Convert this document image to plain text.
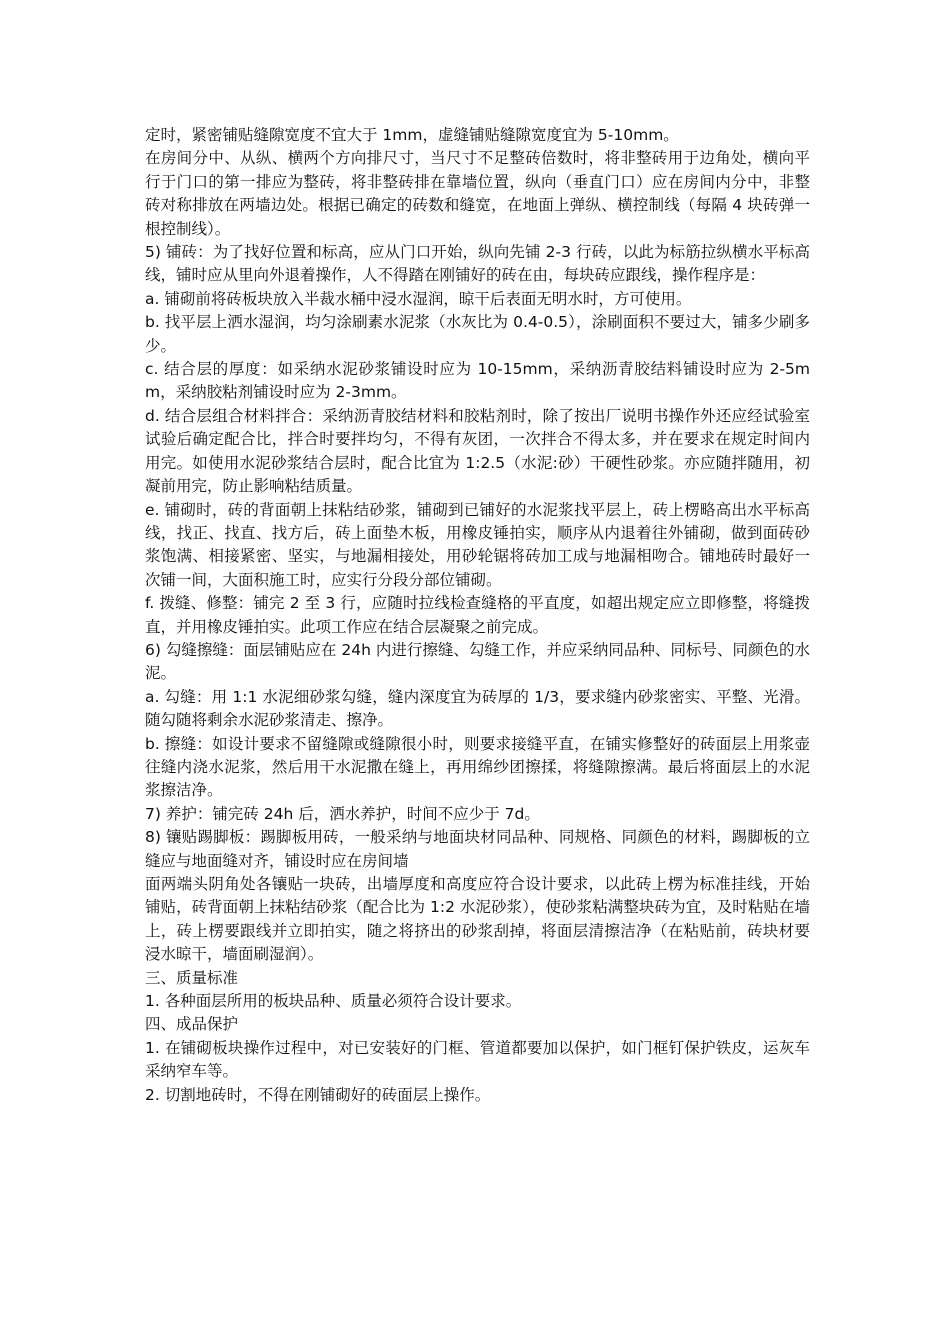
定时，紧密铺贴缝隙宽度不宜大于 1mm，虚缝铺贴缝隙宽度宜为 5-10mm。

在房间分中、从纵、横两个方向排尺寸，当尺寸不足整砖倍数时，将非整砖用于边角处，横向平行于门口的第一排应为整砖，将非整砖排在靠墙位置，纵向（垂直门口）应在房间内分中，非整砖对称排放在两墙边处。根据已确定的砖数和缝宽，在地面上弹纵、横控制线（每隔 4 块砖弹一根控制线）。

5) 铺砖：为了找好位置和标高，应从门口开始，纵向先铺 2-3 行砖，以此为标筋拉纵横水平标高线，铺时应从里向外退着操作，人不得踏在刚铺好的砖在由，每块砖应跟线，操作程序是：

a. 铺砌前将砖板块放入半裁水桶中浸水湿润，晾干后表面无明水时，方可使用。

b. 找平层上洒水湿润，均匀涂刷素水泥浆（水灰比为 0.4-0.5），涂刷面积不要过大，铺多少刷多少。

c. 结合层的厚度：如采纳水泥砂浆铺设时应为 10-15mm，采纳沥青胶结料铺设时应为 2-5mm，采纳胶粘剂铺设时应为 2-3mm。

d. 结合层组合材料拌合：采纳沥青胶结材料和胶粘剂时，除了按出厂说明书操作外还应经试验室试验后确定配合比，拌合时要拌均匀，不得有灰团，一次拌合不得太多，并在要求在规定时间内用完。如使用水泥砂浆结合层时，配合比宜为 1:2.5（水泥:砂）干硬性砂浆。亦应随拌随用，初凝前用完，防止影响粘结质量。

e. 铺砌时，砖的背面朝上抹粘结砂浆，铺砌到已铺好的水泥浆找平层上，砖上楞略高出水平标高线，找正、找直、找方后，砖上面垫木板，用橡皮锤拍实，顺序从内退着往外铺砌，做到面砖砂浆饱满、相接紧密、坚实，与地漏相接处，用砂轮锯将砖加工成与地漏相吻合。铺地砖时最好一次铺一间，大面积施工时，应实行分段分部位铺砌。

f. 拨缝、修整：铺完 2 至 3 行，应随时拉线检查缝格的平直度，如超出规定应立即修整，将缝拨直，并用橡皮锤拍实。此项工作应在结合层凝聚之前完成。

6) 勾缝擦缝：面层铺贴应在 24h 内进行擦缝、勾缝工作，并应采纳同品种、同标号、同颜色的水泥。

a. 勾缝：用 1:1 水泥细砂浆勾缝，缝内深度宜为砖厚的 1/3，要求缝内砂浆密实、平整、光滑。随勾随将剩余水泥砂浆清走、擦净。

b. 擦缝：如设计要求不留缝隙或缝隙很小时，则要求接缝平直，在铺实修整好的砖面层上用浆壶往缝内浇水泥浆，然后用干水泥撒在缝上，再用绵纱团擦揉，将缝隙擦满。最后将面层上的水泥浆擦洁净。

7) 养护：铺完砖 24h 后，洒水养护，时间不应少于 7d。

8) 镶贴踢脚板：踢脚板用砖，一般采纳与地面块材同品种、同规格、同颜色的材料，踢脚板的立缝应与地面缝对齐，铺设时应在房间墙

面两端头阴角处各镶贴一块砖，出墙厚度和高度应符合设计要求，以此砖上楞为标准挂线，开始铺贴，砖背面朝上抹粘结砂浆（配合比为 1:2 水泥砂浆），使砂浆粘满整块砖为宜，及时粘贴在墙上，砖上楞要跟线并立即拍实，随之将挤出的砂浆刮掉，将面层清擦洁净（在粘贴前，砖块材要浸水晾干，墙面刷湿润）。

三、质量标准

1. 各种面层所用的板块品种、质量必须符合设计要求。

四、成品保护

1. 在铺砌板块操作过程中，对已安装好的门框、管道都要加以保护，如门框钉保护铁皮，运灰车采纳窄车等。

2. 切割地砖时，不得在刚铺砌好的砖面层上操作。
